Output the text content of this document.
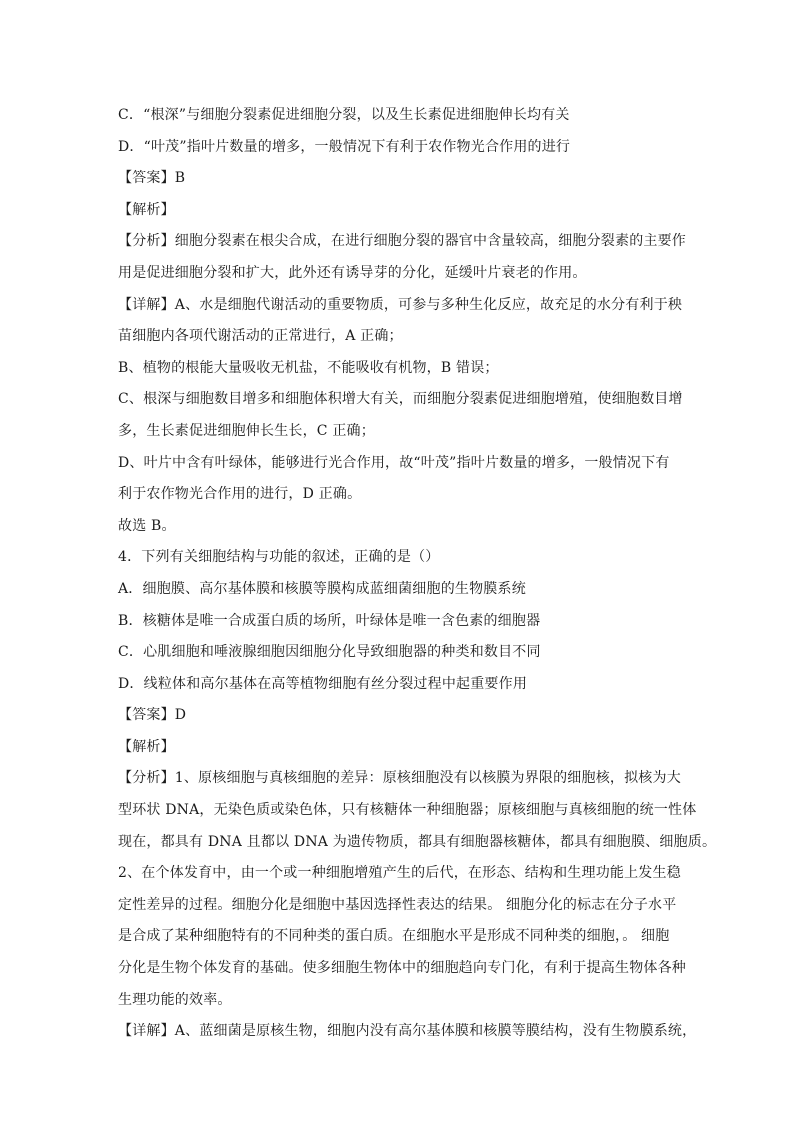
C．“根深”与细胞分裂素促进细胞分裂，以及生长素促进细胞伸长均有关
D．“叶茂”指叶片数量的增多，一般情况下有利于农作物光合作用的进行
【答案】B
【解析】
【分析】细胞分裂素在根尖合成，在进行细胞分裂的器官中含量较高，细胞分裂素的主要作
用是促进细胞分裂和扩大，此外还有诱导芽的分化，延缓叶片衰老的作用。
【详解】A、水是细胞代谢活动的重要物质，可参与多种生化反应，故充足的水分有利于秧
苗细胞内各项代谢活动的正常进行，A 正确；
B、植物的根能大量吸收无机盐，不能吸收有机物，B 错误；
C、根深与细胞数目增多和细胞体积增大有关，而细胞分裂素促进细胞增殖，使细胞数目增
多，生长素促进细胞伸长生长，C 正确；
D、叶片中含有叶绿体，能够进行光合作用，故“叶茂”指叶片数量的增多，一般情况下有
利于农作物光合作用的进行，D 正确。
故选 B。
4．下列有关细胞结构与功能的叙述，正确的是（）
A．细胞膜、高尔基体膜和核膜等膜构成蓝细菌细胞的生物膜系统
B．核糖体是唯一合成蛋白质的场所，叶绿体是唯一含色素的细胞器
C．心肌细胞和唾液腺细胞因细胞分化导致细胞器的种类和数目不同
D．线粒体和高尔基体在高等植物细胞有丝分裂过程中起重要作用
【答案】D
【解析】
【分析】1、原核细胞与真核细胞的差异：原核细胞没有以核膜为界限的细胞核，拟核为大
型环状 DNA，无染色质或染色体，只有核糖体一种细胞器；原核细胞与真核细胞的统一性体
现在，都具有 DNA 且都以 DNA 为遗传物质，都具有细胞器核糖体，都具有细胞膜、细胞质。
2、在个体发育中，由一个或一种细胞增殖产生的后代，在形态、结构和生理功能上发生稳
定性差异的过程。细胞分化是细胞中基因选择性表达的结果。 细胞分化的标志在分子水平
是合成了某种细胞特有的不同种类的蛋白质。在细胞水平是形成不同种类的细胞，。 细胞
分化是生物个体发育的基础。使多细胞生物体中的细胞趋向专门化，有利于提高生物体各种
生理功能的效率。
【详解】A、蓝细菌是原核生物，细胞内没有高尔基体膜和核膜等膜结构，没有生物膜系统，
